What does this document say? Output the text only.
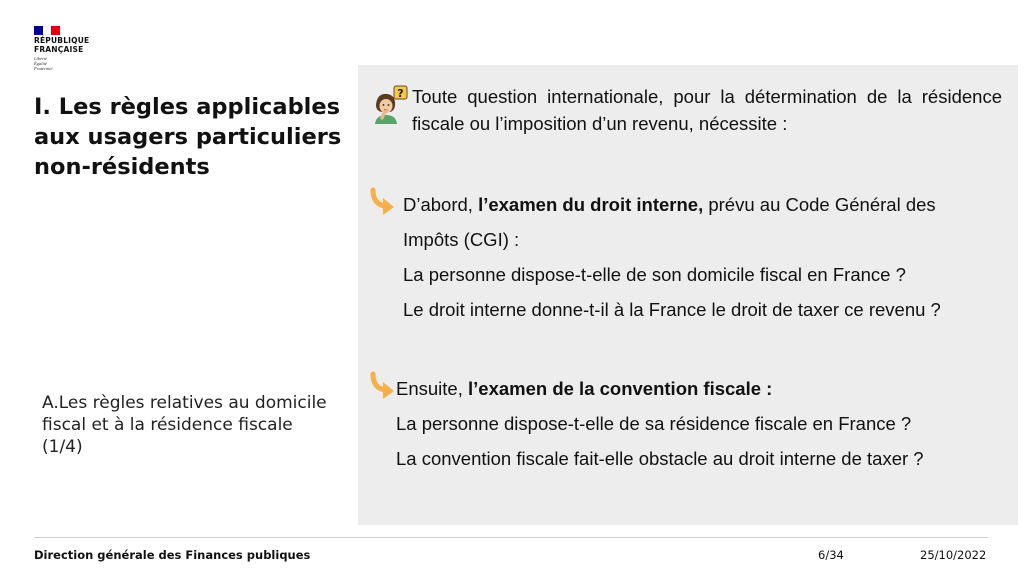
RÉPUBLIQUE
FRANÇAISE
Liberté
Égalité
Fraternité
I. Les règles applicables aux usagers particuliers non-résidents

A.Les règles relatives au domicile fiscal et à la résidence fiscale (1/4)

? Toute question internationale, pour la détermination de la résidence fiscale ou l’imposition d’un revenu, nécessite :

D’abord, l’examen du droit interne, prévu au Code Général des

Impôts (CGI) :

La personne dispose-t-elle de son domicile fiscal en France ?

Le droit interne donne-t-il à la France le droit de taxer ce revenu ?

Ensuite, l’examen de la convention fiscale :

La personne dispose-t-elle de sa résidence fiscale en France ?

La convention fiscale fait-elle obstacle au droit interne de taxer ?

Direction générale des Finances publiques	6/34	25/10/2022
